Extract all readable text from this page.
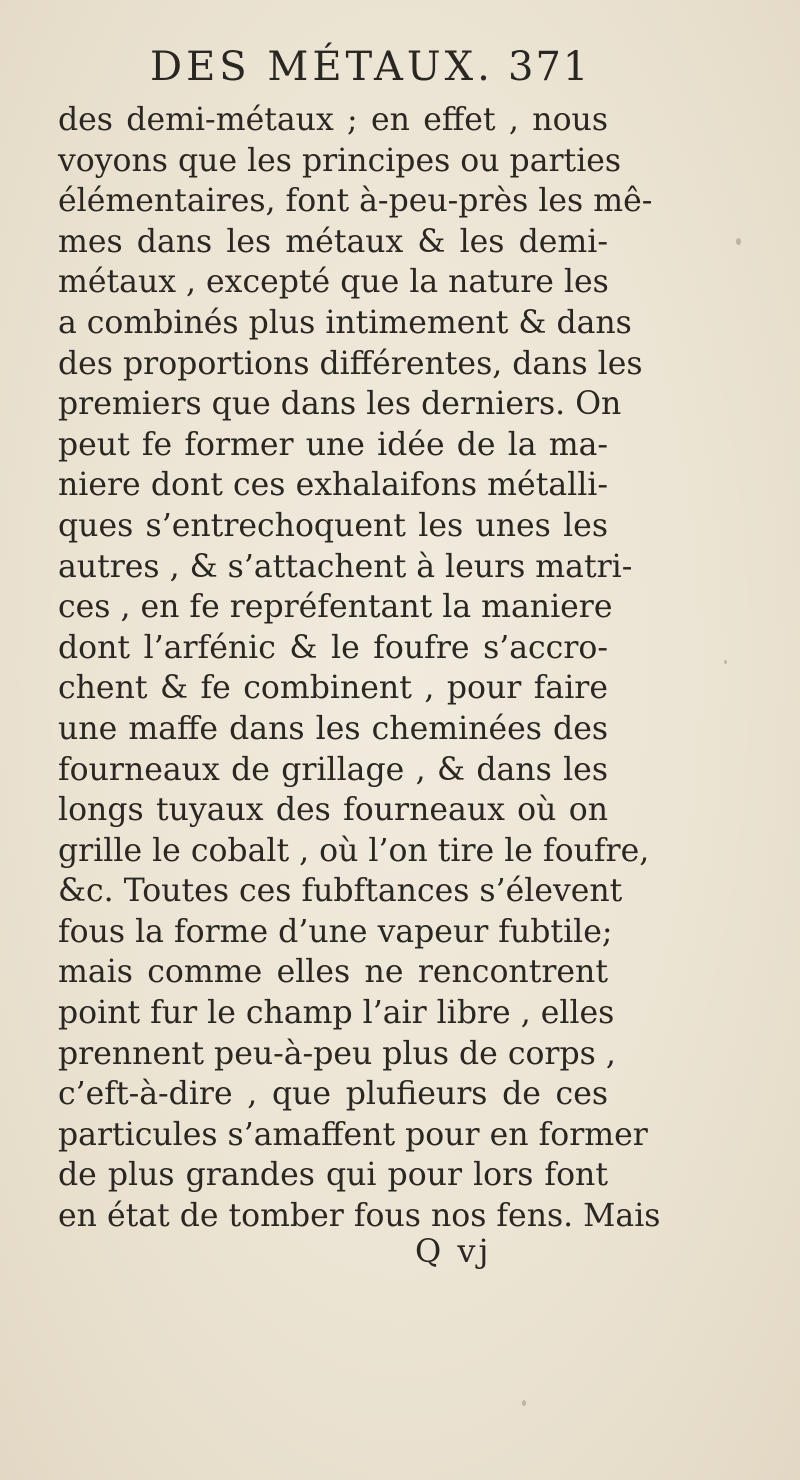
DES MÉTAUX. 371
des demi-métaux ; en effet , nous
voyons que les principes ou parties
élémentaires, font à-peu-près les mê-
mes dans les métaux & les demi-
métaux , excepté que la nature les
a combinés plus intimement & dans
des proportions différentes, dans les
premiers que dans les derniers. On
peut fe former une idée de la ma-
niere dont ces exhalaifons métalli-
ques s’entrechoquent les unes les
autres , & s’attachent à leurs matri-
ces , en fe repréfentant la maniere
dont l’arfénic & le foufre s’accro-
chent & fe combinent , pour faire
une maffe dans les cheminées des
fourneaux de grillage , & dans les
longs tuyaux des fourneaux où on
grille le cobalt , où l’on tire le foufre,
&c. Toutes ces fubftances s’élevent
fous la forme d’une vapeur fubtile;
mais comme elles ne rencontrent
point fur le champ l’air libre , elles
prennent peu-à-peu plus de corps ,
c’eft-à-dire , que plufieurs de ces
particules s’amaffent pour en former
de plus grandes qui pour lors font
en état de tomber fous nos fens. Mais
Q vj
